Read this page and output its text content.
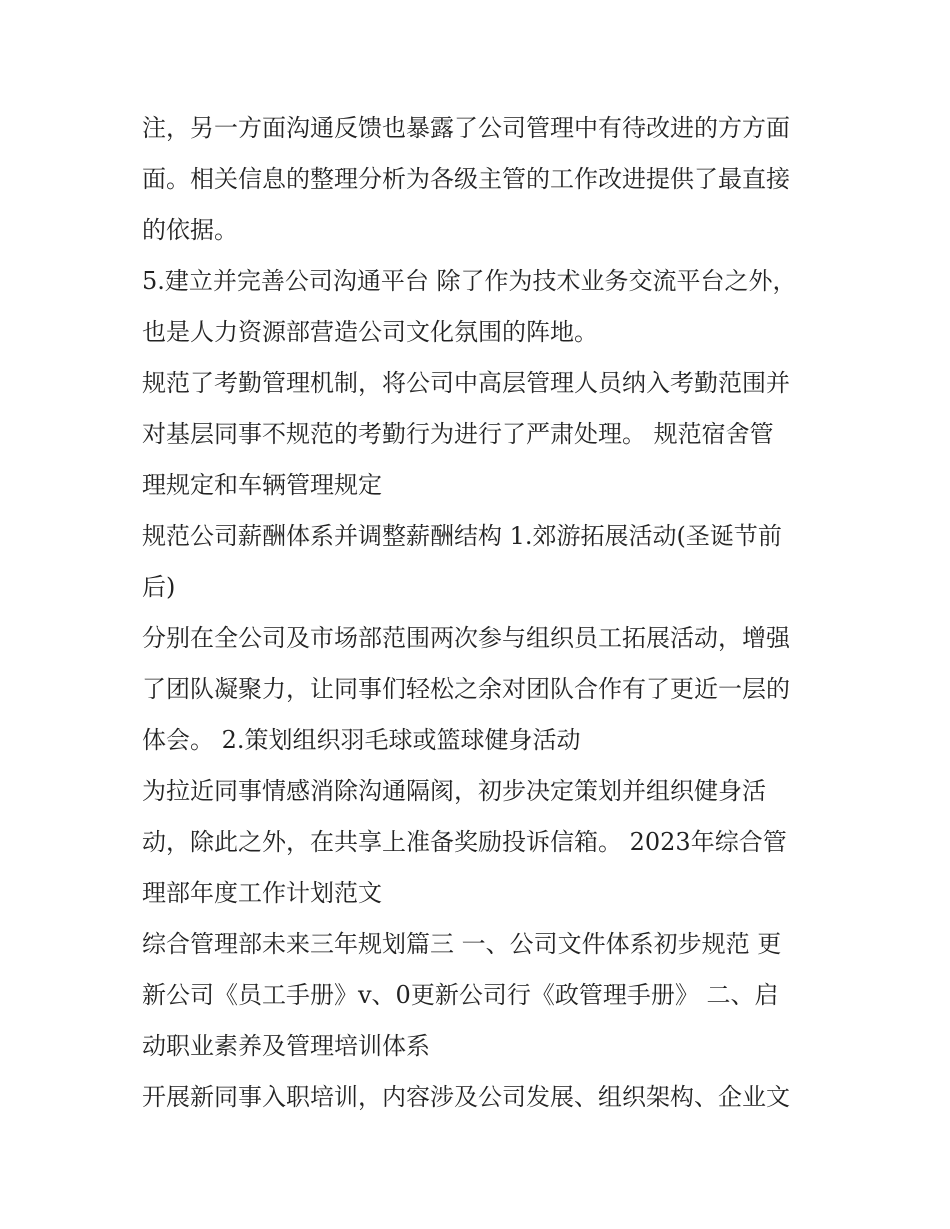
注，另一方面沟通反馈也暴露了公司管理中有待改进的方方面
面。相关信息的整理分析为各级主管的工作改进提供了最直接
的依据。

5.建立并完善公司沟通平台 除了作为技术业务交流平台之外，
也是人力资源部营造公司文化氛围的阵地。

规范了考勤管理机制，将公司中高层管理人员纳入考勤范围并
对基层同事不规范的考勤行为进行了严肃处理。 规范宿舍管
理规定和车辆管理规定

规范公司薪酬体系并调整薪酬结构 1.郊游拓展活动(圣诞节前
后)

分别在全公司及市场部范围两次参与组织员工拓展活动，增强
了团队凝聚力，让同事们轻松之余对团队合作有了更近一层的
体会。 2.策划组织羽毛球或篮球健身活动

为拉近同事情感消除沟通隔阂，初步决定策划并组织健身活
动，除此之外，在共享上准备奖励投诉信箱。 2023年综合管
理部年度工作计划范文

综合管理部未来三年规划篇三 一、公司文件体系初步规范 更
新公司《员工手册》v、0更新公司行《政管理手册》 二、启
动职业素养及管理培训体系

开展新同事入职培训，内容涉及公司发展、组织架构、企业文
